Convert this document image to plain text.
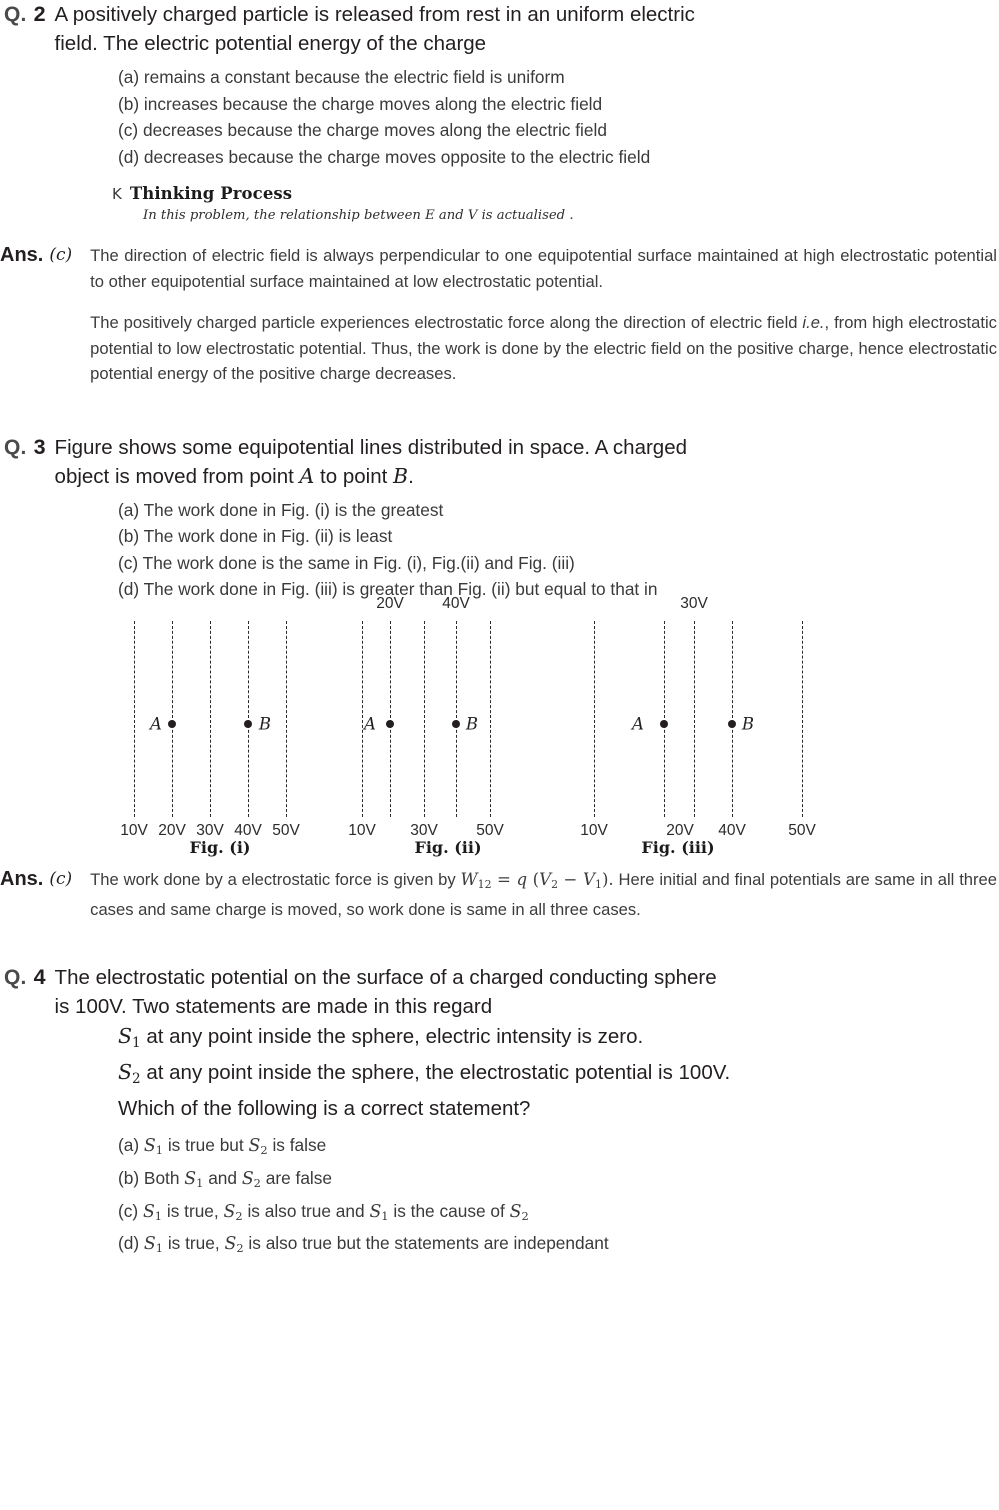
Q. 2 A positively charged particle is released from rest in an uniform electric
field. The electric potential energy of the charge
(a) remains a constant because the electric field is uniform
(b) increases because the charge moves along the electric field
(c) decreases because the charge moves along the electric field
(d) decreases because the charge moves opposite to the electric field
K Thinking Process
In this problem, the relationship between E and V is actualised .
Ans. (c)	The direction of electric field is always perpendicular to one equipotential surface maintained at high electrostatic potential to other equipotential surface maintained at low electrostatic potential.

The positively charged particle experiences electrostatic force along the direction of electric field i.e., from high electrostatic potential to low electrostatic potential. Thus, the work is done by the electric field on the positive charge, hence electrostatic potential energy of the positive charge decreases.

Q. 3 Figure shows some equipotential lines distributed in space. A charged
object is moved from point A to point B.
(a) The work done in Fig. (i) is the greatest
(b) The work done in Fig. (ii) is least
(c) The work done is the same in Fig. (i), Fig.(ii) and Fig. (iii)
(d) The work done in Fig. (iii) is greater than Fig. (ii) but equal to that in
A	B
10V 20V 30V 40V 50V
Fig. (i)
20V 40V
A	B
10V 30V 50V
Fig. (ii)
30V
A	B
10V	20V 40V	50V
Fig. (iii)
Ans. (c)	The work done by a electrostatic force is given by $W_{12} = q$ $(V_2 - V_1)$. Here initial and final potentials are same in all three cases and same charge is moved, so work done is same in all three cases.
Q. 4 The electrostatic potential on the surface of a charged conducting sphere
is 100V. Two statements are made in this regard
$S_1$ at any point inside the sphere, electric intensity is zero.
$S_2$ at any point inside the sphere, the electrostatic potential is 100V.
Which of the following is a correct statement?
(a) $S_1$ is true but $S_2$ is false
(b) Both $S_1$ and $S_2$ are false
(c) $S_1$ is true, $S_2$ is also true and $S_1$ is the cause of $S_2$
(d) $S_1$ is true, $S_2$ is also true but the statements are independant
